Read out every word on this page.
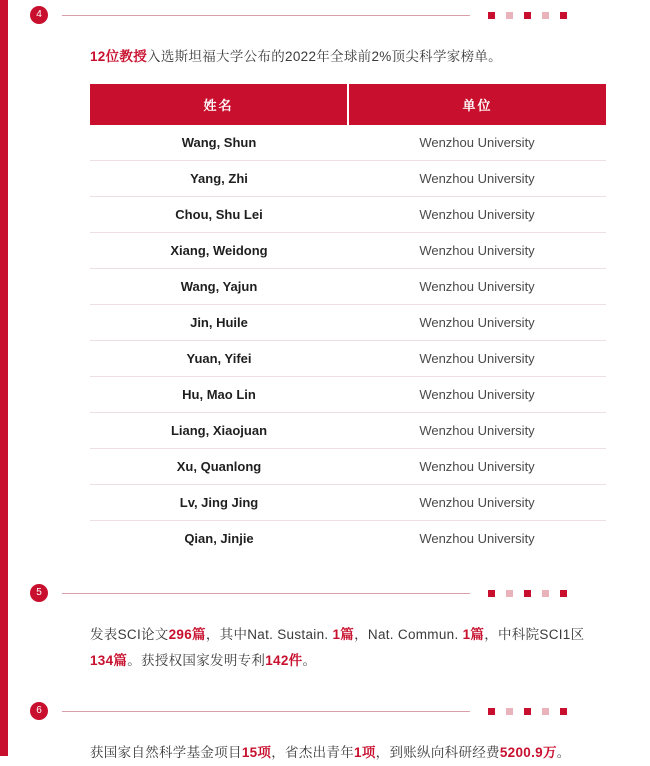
4
12位教授入选斯坦福大学公布的2022年全球前2%顶尖科学家榜单。
姓名	单位
Wang, Shun	Wenzhou University
Yang, Zhi	Wenzhou University
Chou, Shu Lei	Wenzhou University
Xiang, Weidong	Wenzhou University
Wang, Yajun	Wenzhou University
Jin, Huile	Wenzhou University
Yuan, Yifei	Wenzhou University
Hu, Mao Lin	Wenzhou University
Liang, Xiaojuan	Wenzhou University
Xu, Quanlong	Wenzhou University
Lv, Jing Jing	Wenzhou University
Qian, Jinjie	Wenzhou University
5
发表SCI论文296篇，其中Nat. Sustain. 1篇，Nat. Commun. 1篇，中科院SCI1区134篇。获授权国家发明专利142件。
6
获国家自然科学基金项目15项，省杰出青年1项，到账纵向科研经费5200.9万。
